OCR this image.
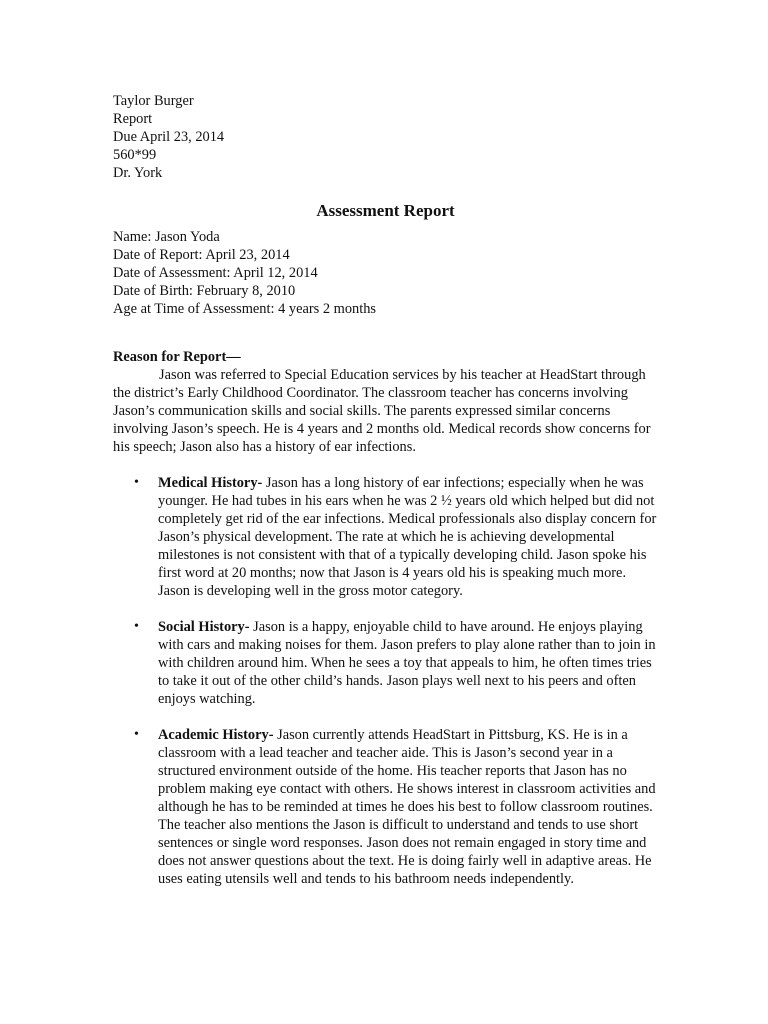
Taylor Burger
Report
Due April 23, 2014
560*99
Dr. York
Assessment Report
Name: Jason Yoda
Date of Report: April 23, 2014
Date of Assessment: April 12, 2014
Date of Birth: February 8, 2010
Age at Time of Assessment: 4 years 2 months
Reason for Report—
Jason was referred to Special Education services by his teacher at HeadStart through the district’s Early Childhood Coordinator. The classroom teacher has concerns involving Jason’s communication skills and social skills. The parents expressed similar concerns involving Jason’s speech. He is 4 years and 2 months old. Medical records show concerns for his speech; Jason also has a history of ear infections.
• Medical History- Jason has a long history of ear infections; especially when he was younger. He had tubes in his ears when he was 2 ½ years old which helped but did not completely get rid of the ear infections. Medical professionals also display concern for Jason’s physical development. The rate at which he is achieving developmental milestones is not consistent with that of a typically developing child. Jason spoke his first word at 20 months; now that Jason is 4 years old his is speaking much more. Jason is developing well in the gross motor category.
• Social History- Jason is a happy, enjoyable child to have around. He enjoys playing with cars and making noises for them. Jason prefers to play alone rather than to join in with children around him. When he sees a toy that appeals to him, he often times tries to take it out of the other child’s hands. Jason plays well next to his peers and often enjoys watching.
• Academic History- Jason currently attends HeadStart in Pittsburg, KS. He is in a classroom with a lead teacher and teacher aide. This is Jason’s second year in a structured environment outside of the home. His teacher reports that Jason has no problem making eye contact with others. He shows interest in classroom activities and although he has to be reminded at times he does his best to follow classroom routines. The teacher also mentions the Jason is difficult to understand and tends to use short sentences or single word responses. Jason does not remain engaged in story time and does not answer questions about the text. He is doing fairly well in adaptive areas. He uses eating utensils well and tends to his bathroom needs independently.
